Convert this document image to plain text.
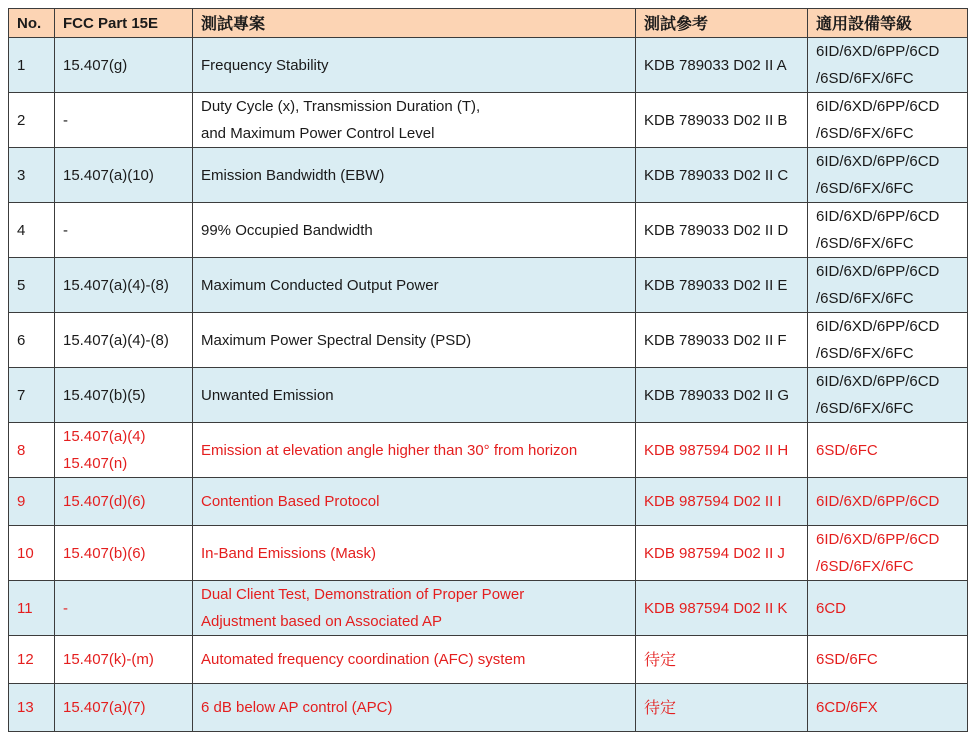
No.	FCC Part 15E	測試專案	測試參考	適用設備等級
1	15.407(g)	Frequency Stability	KDB 789033 D02 II A	6ID/6XD/6PP/6CD
/6SD/6FX/6FC

2	-	Duty Cycle (x), Transmission Duration (T),
and Maximum Power Control Level	KDB 789033 D02 II B	6ID/6XD/6PP/6CD
/6SD/6FX/6FC

3	15.407(a)(10)	Emission Bandwidth (EBW)	KDB 789033 D02 II C	6ID/6XD/6PP/6CD
/6SD/6FX/6FC

4	-	99% Occupied Bandwidth	KDB 789033 D02 II D	6ID/6XD/6PP/6CD
/6SD/6FX/6FC

5	15.407(a)(4)-(8)	Maximum Conducted Output Power	KDB 789033 D02 II E	6ID/6XD/6PP/6CD
/6SD/6FX/6FC

6	15.407(a)(4)-(8)	Maximum Power Spectral Density (PSD)	KDB 789033 D02 II F	6ID/6XD/6PP/6CD
/6SD/6FX/6FC

7	15.407(b)(5)	Unwanted Emission	KDB 789033 D02 II G	6ID/6XD/6PP/6CD
/6SD/6FX/6FC

8	15.407(a)(4)
15.407(n)	Emission at elevation angle higher than 30° from horizon	KDB 987594 D02 II H	6SD/6FC

9	15.407(d)(6)	Contention Based Protocol	KDB 987594 D02 II I	6ID/6XD/6PP/6CD

10	15.407(b)(6)	In-Band Emissions (Mask)	KDB 987594 D02 II J	6ID/6XD/6PP/6CD
/6SD/6FX/6FC

11	-	Dual Client Test, Demonstration of Proper Power
Adjustment based on Associated AP	KDB 987594 D02 II K	6CD

12	15.407(k)-(m)	Automated frequency coordination (AFC) system	待定	6SD/6FC

13	15.407(a)(7)	6 dB below AP control (APC)	待定	6CD/6FX
